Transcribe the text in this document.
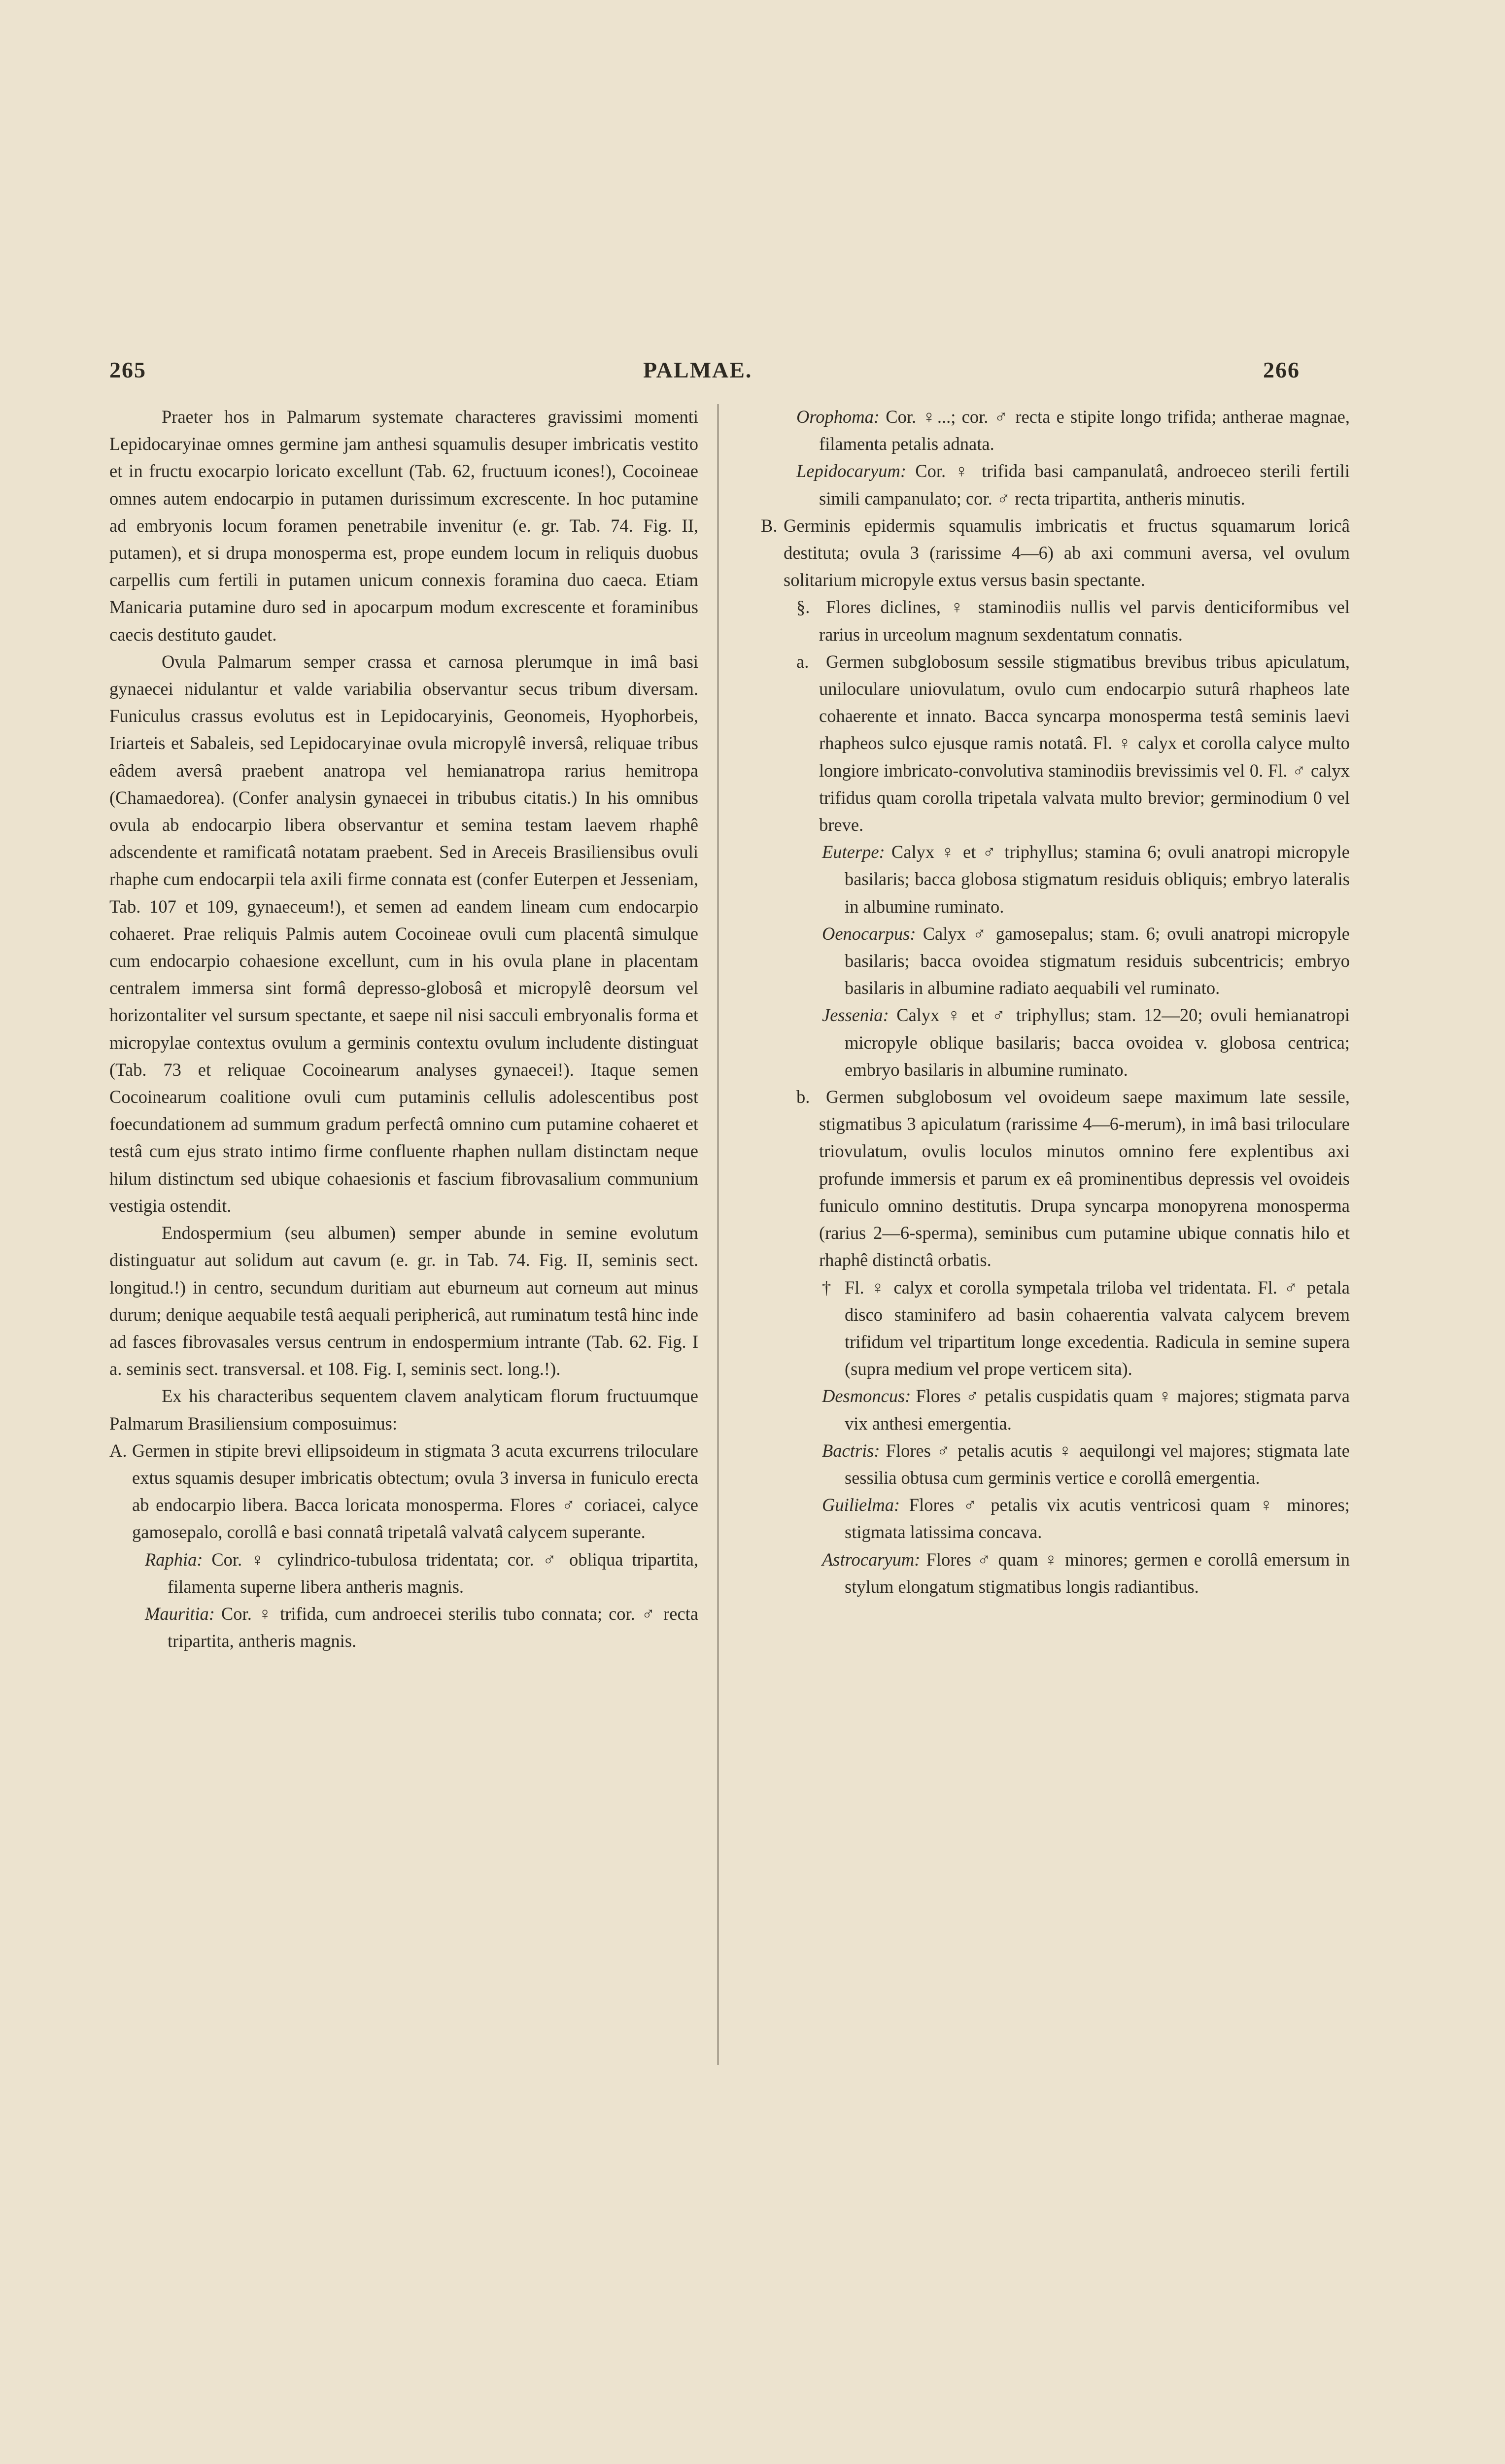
265	PALMAE.	266

Praeter hos in Palmarum systemate characteres gravissimi momenti Lepidocaryinae omnes germine jam anthesi squamulis desuper imbricatis vestito et in fructu exocarpio loricato excellunt (Tab. 62, fructuum icones!), Cocoineae omnes autem endocarpio in putamen durissimum excrescente. In hoc putamine ad embryonis locum foramen penetrabile invenitur (e. gr. Tab. 74. Fig. II, putamen), et si drupa monosperma est, prope eundem locum in reliquis duobus carpellis cum fertili in putamen unicum connexis foramina duo caeca. Etiam Manicaria putamine duro sed in apocarpum modum excrescente et foraminibus caecis destituto gaudet.

Ovula Palmarum semper crassa et carnosa plerumque in imâ basi gynaecei nidulantur et valde variabilia observantur secus tribum diversam. Funiculus crassus evolutus est in Lepidocaryinis, Geonomeis, Hyophorbeis, Iriarteis et Sabaleis, sed Lepidocaryinae ovula micropylê inversâ, reliquae tribus eâdem aversâ praebent anatropa vel hemianatropa rarius hemitropa (Chamaedorea). (Confer analysin gynaecei in tribubus citatis.) In his omnibus ovula ab endocarpio libera observantur et semina testam laevem rhaphê adscendente et ramificatâ notatam praebent. Sed in Areceis Brasiliensibus ovuli rhaphe cum endocarpii tela axili firme connata est (confer Euterpen et Jesseniam, Tab. 107 et 109, gynaeceum!), et semen ad eandem lineam cum endocarpio cohaeret. Prae reliquis Palmis autem Cocoineae ovuli cum placentâ simulque cum endocarpio cohaesione excellunt, cum in his ovula plane in placentam centralem immersa sint formâ depresso-globosâ et micropylê deorsum vel horizontaliter vel sursum spectante, et saepe nil nisi sacculi embryonalis forma et micropylae contextus ovulum a germinis contextu ovulum includente distinguat (Tab. 73 et reliquae Cocoinearum analyses gynaecei!). Itaque semen Cocoinearum coalitione ovuli cum putaminis cellulis adolescentibus post foecundationem ad summum gradum perfectâ omnino cum putamine cohaeret et testâ cum ejus strato intimo firme confluente rhaphen nullam distinctam neque hilum distinctum sed ubique cohaesionis et fascium fibrovasalium communium vestigia ostendit.

Endospermium (seu albumen) semper abunde in semine evolutum distinguatur aut solidum aut cavum (e. gr. in Tab. 74. Fig. II, seminis sect. longitud.!) in centro, secundum duritiam aut eburneum aut corneum aut minus durum; denique aequabile testâ aequali periphericâ, aut ruminatum testâ hinc inde ad fasces fibrovasales versus centrum in endospermium intrante (Tab. 62. Fig. I a. seminis sect. transversal. et 108. Fig. I, seminis sect. long.!).

Ex his characteribus sequentem clavem analyticam florum fructuumque Palmarum Brasiliensium composuimus:

A. Germen in stipite brevi ellipsoideum in stigmata 3 acuta excurrens triloculare extus squamis desuper imbricatis obtectum; ovula 3 inversa in funiculo erecta ab endocarpio libera. Bacca loricata monosperma. Flores ♂ coriacei, calyce gamosepalo, corollâ e basi connatâ tripetalâ valvatâ calycem superante.

Raphia: Cor. ♀ cylindrico-tubulosa tridentata; cor. ♂ obliqua tripartita, filamenta superne libera antheris magnis.

Mauritia: Cor. ♀ trifida, cum androecei sterilis tubo connata; cor. ♂ recta tripartita, antheris magnis.

Orophoma: Cor. ♀...; cor. ♂ recta e stipite longo trifida; antherae magnae, filamenta petalis adnata.

Lepidocaryum: Cor. ♀ trifida basi campanulatâ, androeceo sterili fertili simili campanulato; cor. ♂ recta tripartita, antheris minutis.

B. Germinis epidermis squamulis imbricatis et fructus squamarum loricâ destituta; ovula 3 (rarissime 4—6) ab axi communi aversa, vel ovulum solitarium micropyle extus versus basin spectante.

§. Flores diclines, ♀ staminodiis nullis vel parvis denticiformibus vel rarius in urceolum magnum sexdentatum connatis.

a. Germen subglobosum sessile stigmatibus brevibus tribus apiculatum, uniloculare uniovulatum, ovulo cum endocarpio suturâ rhapheos late cohaerente et innato. Bacca syncarpa monosperma testâ seminis laevi rhapheos sulco ejusque ramis notatâ. Fl. ♀ calyx et corolla calyce multo longiore imbricato-convolutiva staminodiis brevissimis vel 0. Fl. ♂ calyx trifidus quam corolla tripetala valvata multo brevior; germinodium 0 vel breve.

Euterpe: Calyx ♀ et ♂ triphyllus; stamina 6; ovuli anatropi micropyle basilaris; bacca globosa stigmatum residuis obliquis; embryo lateralis in albumine ruminato.

Oenocarpus: Calyx ♂ gamosepalus; stam. 6; ovuli anatropi micropyle basilaris; bacca ovoidea stigmatum residuis subcentricis; embryo basilaris in albumine radiato aequabili vel ruminato.

Jessenia: Calyx ♀ et ♂ triphyllus; stam. 12—20; ovuli hemianatropi micropyle oblique basilaris; bacca ovoidea v. globosa centrica; embryo basilaris in albumine ruminato.

b. Germen subglobosum vel ovoideum saepe maximum late sessile, stigmatibus 3 apiculatum (rarissime 4—6-merum), in imâ basi triloculare triovulatum, ovulis loculos minutos omnino fere explentibus axi profunde immersis et parum ex eâ prominentibus depressis vel ovoideis funiculo omnino destitutis. Drupa syncarpa monopyrena monosperma (rarius 2—6-sperma), seminibus cum putamine ubique connatis hilo et rhaphê distinctâ orbatis.

† Fl. ♀ calyx et corolla sympetala triloba vel tridentata. Fl. ♂ petala disco staminifero ad basin cohaerentia valvata calycem brevem trifidum vel tripartitum longe excedentia. Radicula in semine supera (supra medium vel prope verticem sita).

Desmoncus: Flores ♂ petalis cuspidatis quam ♀ majores; stigmata parva vix anthesi emergentia.

Bactris: Flores ♂ petalis acutis ♀ aequilongi vel majores; stigmata late sessilia obtusa cum germinis vertice e corollâ emergentia.

Guilielma: Flores ♂ petalis vix acutis ventricosi quam ♀ minores; stigmata latissima concava.

Astrocaryum: Flores ♂ quam ♀ minores; germen e corollâ emersum in stylum elongatum stigmatibus longis radiantibus.
